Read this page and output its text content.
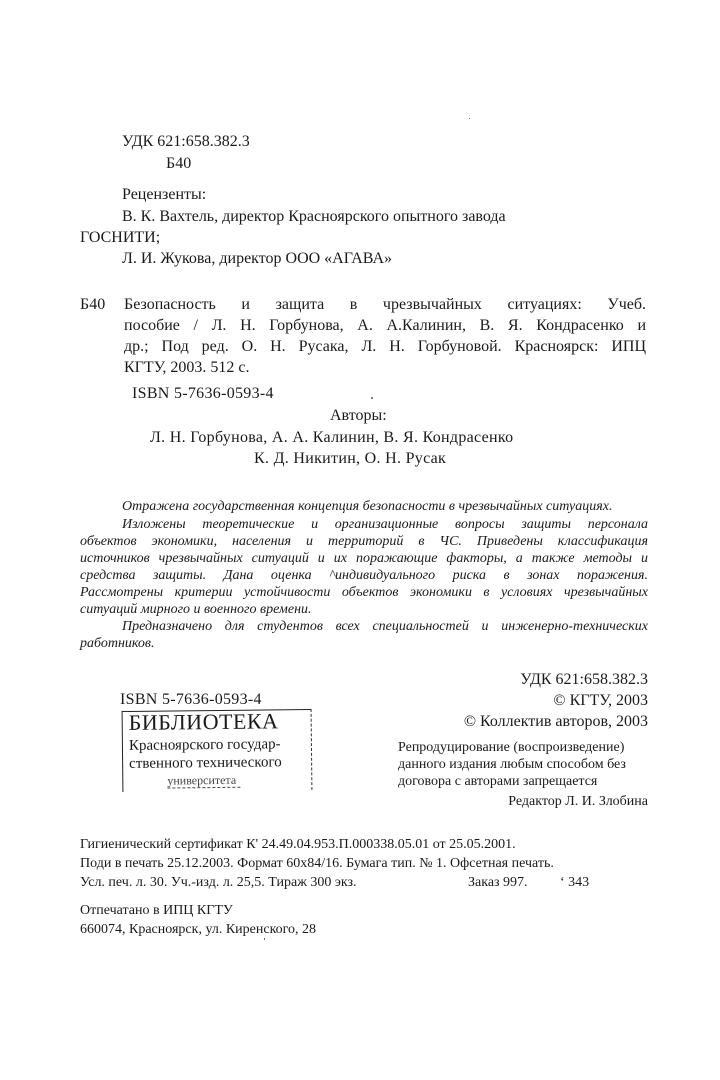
УДК 621:658.382.3
Б40
Рецензенты:
В. К. Вахтель, директор Красноярского опытного завода
ГОСНИТИ;
Л. И. Жукова, директор ООО «АГАВА»
Б40 Безопасность и защита в чрезвычайных ситуациях: Учеб.
пособие / Л. Н. Горбунова, А. А.Калинин, В. Я. Кондрасенко и
др.; Под ред. О. Н. Русака, Л. Н. Горбуновой. Красноярск: ИПЦ
КГТУ, 2003. 512 с.
ISBN 5-7636-0593-4
Авторы:
Л. Н. Горбунова, А. А. Калинин, В. Я. Кондрасенко
К. Д. Никитин, О. Н. Русак
Отражена государственная концепция безопасности в чрезвычайных ситуациях.
Изложены теоретические и организационные вопросы защиты персонала
объектов экономики, населения и территорий в ЧС. Приведены классификация
источников чрезвычайных ситуаций и их поражающие факторы, а также методы и
средства защиты. Дана оценка ^индивидуального риска в зонах поражения.
Рассмотрены критерии устойчивости объектов экономики в условиях чрезвычайных
ситуаций мирного и военного времени.
Предназначено для студентов всех специальностей и инженерно-технических
работников.
УДК 621:658.382.3
© КГТУ, 2003
© Коллектив авторов, 2003
Репродуцирование (воспроизведение)
данного издания любым способом без
договора с авторами запрещается
Редактор Л. И. Злобина
ISBN 5-7636-0593-4
БИБЛИОТЕКА
Красноярского государ-
ственного технического
университета
Гигиенический сертификат К' 24.49.04.953.П.000338.05.01 от 25.05.2001.
Поди в печать 25.12.2003. Формат 60x84/16. Бумага тип. № 1. Офсетная печать.
Усл. печ. л. 30. Уч.-изд. л. 25,5. Тираж 300 экз.	Заказ 997. ‘ 343
Отпечатано в ИПЦ КГТУ
660074, Красноярск, ул. Киренского, 28
